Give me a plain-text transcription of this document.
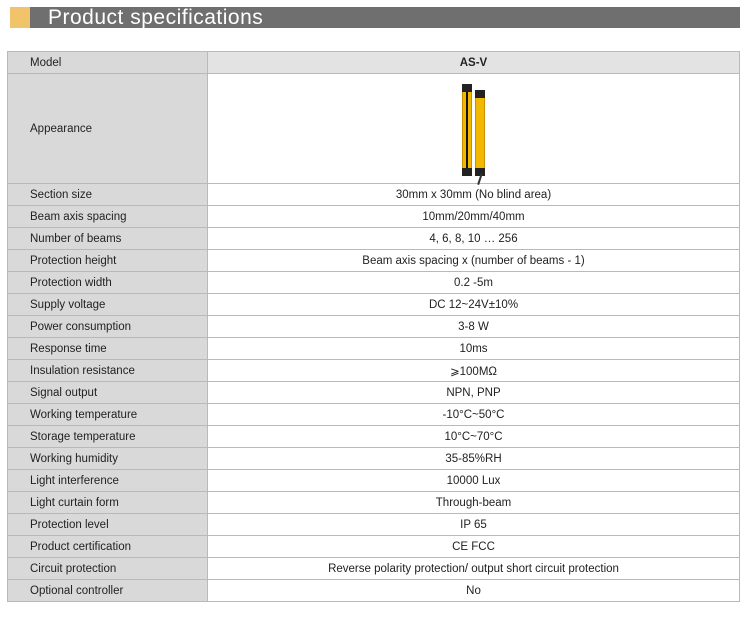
Product specifications
Model	AS-V
Appearance	

Section size	30mm x 30mm (No blind area)
Beam axis spacing	10mm/20mm/40mm
Number of beams	4, 6, 8, 10 … 256
Protection height	Beam axis spacing x (number of beams - 1)
Protection width	0.2 -5m
Supply voltage	DC 12~24V±10%
Power consumption	3-8 W
Response time	10ms
Insulation resistance	⩾100MΩ
Signal output	NPN, PNP
Working temperature	-10°C~50°C
Storage temperature	10°C~70°C
Working humidity	35-85%RH
Light interference	10000 Lux
Light curtain form	Through-beam
Protection level	IP 65
Product certification	CE FCC
Circuit protection	Reverse polarity protection/ output short circuit protection
Optional controller	No
